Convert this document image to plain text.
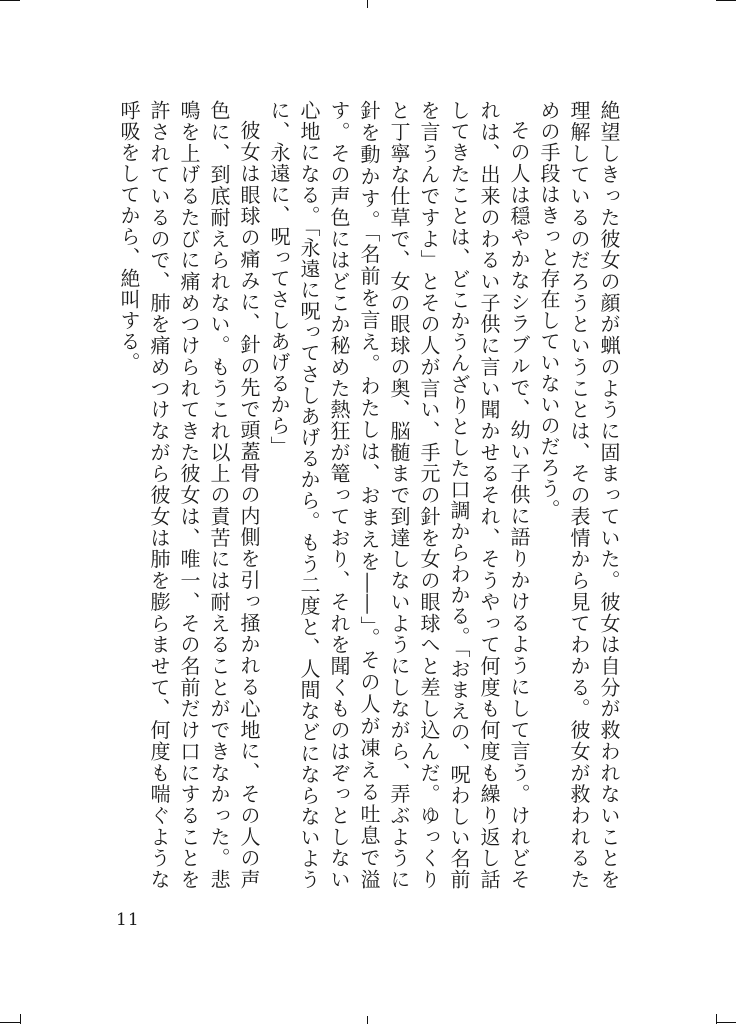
絶望しきった彼女の顔が蝋のように固まっていた。彼女は自分が救われないことを理解しているのだろうということは、その表情から見てわかる。彼女が救われるための手段はきっと存在していないのだろう。

その人は穏やかなシラブルで、幼い子供に語りかけるようにして言う。けれどそれは、出来のわるい子供に言い聞かせるそれ、そうやって何度も何度も繰り返し話してきたことは、どこかうんざりとした口調からわかる。「おまえの、呪わしい名前を言うんですよ」とその人が言い、手元の針を女の眼球へと差し込んだ。ゆっくりと丁寧な仕草で、女の眼球の奥、脳髄まで到達しないようにしながら、弄ぶように針を動かす。「名前を言え。わたしは、おまえを――」。その人が凍える吐息で溢す。その声色にはどこか秘めた熱狂が篭っており、それを聞くものはぞっとしない心地になる。「永遠に呪ってさしあげるから。もう二度と、人間などにならないように、永遠に、呪ってさしあげるから」

彼女は眼球の痛みに、針の先で頭蓋骨の内側を引っ掻かれる心地に、その人の声色に、到底耐えられない。もうこれ以上の責苦には耐えることができなかった。悲鳴を上げるたびに痛めつけられてきた彼女は、唯一、その名前だけ口にすることを許されているので、肺を痛めつけながら彼女は肺を膨らませて、何度も喘ぐような呼吸をしてから、絶叫する。

11
